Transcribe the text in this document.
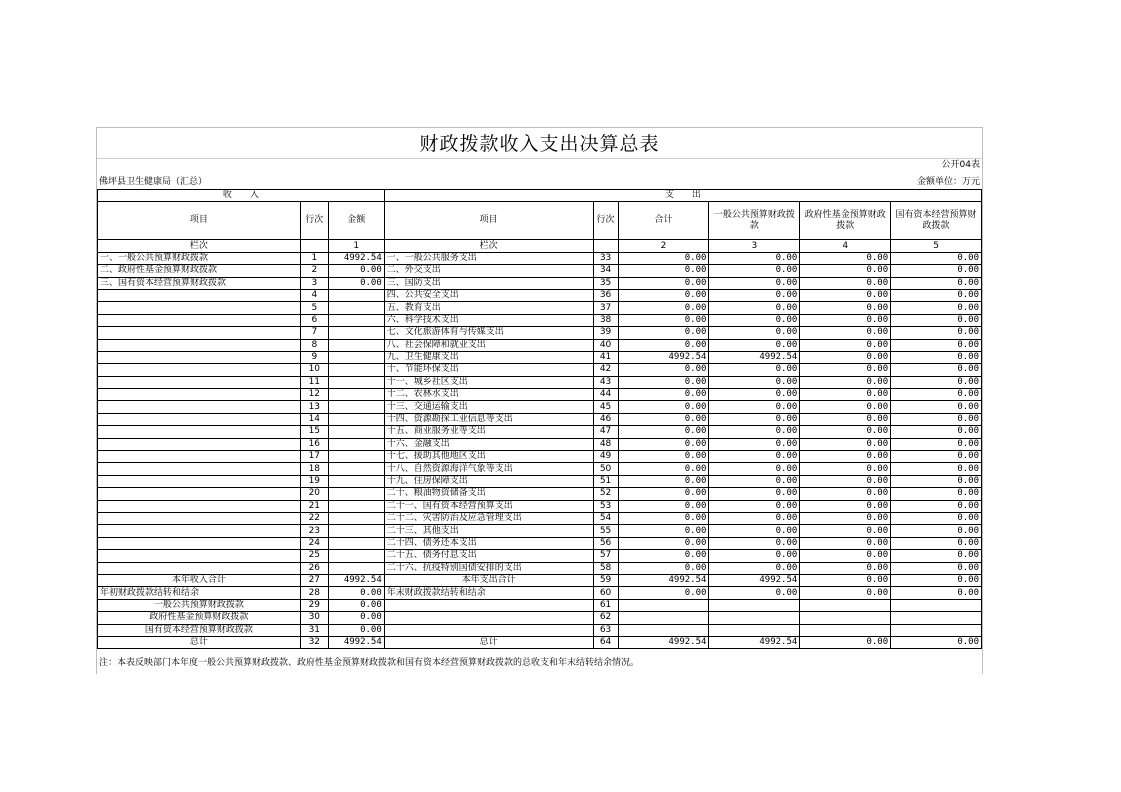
财政拨款收入支出决算总表
公开04表
佛坪县卫生健康局（汇总）	金额单位：万元
收　　入			支　　出					
项目	行次	金额	项目	行次	合计	一般公共预算财政拨款	政府性基金预算财政拨款	国有资本经营预算财政拨款
栏次		1	栏次		2	3	4	5
一、一般公共预算财政拨款	1	4992.54	一、一般公共服务支出	33	0.00	0.00	0.00	0.00
二、政府性基金预算财政拨款	2	0.00	二、外交支出	34	0.00	0.00	0.00	0.00
三、国有资本经营预算财政拨款	3	0.00	三、国防支出	35	0.00	0.00	0.00	0.00
	4		四、公共安全支出	36	0.00	0.00	0.00	0.00
	5		五、教育支出	37	0.00	0.00	0.00	0.00
	6		六、科学技术支出	38	0.00	0.00	0.00	0.00
	7		七、文化旅游体育与传媒支出	39	0.00	0.00	0.00	0.00
	8		八、社会保障和就业支出	40	0.00	0.00	0.00	0.00
	9		九、卫生健康支出	41	4992.54	4992.54	0.00	0.00
	10		十、节能环保支出	42	0.00	0.00	0.00	0.00
	11		十一、城乡社区支出	43	0.00	0.00	0.00	0.00
	12		十二、农林水支出	44	0.00	0.00	0.00	0.00
	13		十三、交通运输支出	45	0.00	0.00	0.00	0.00
	14		十四、资源勘探工业信息等支出	46	0.00	0.00	0.00	0.00
	15		十五、商业服务业等支出	47	0.00	0.00	0.00	0.00
	16		十六、金融支出	48	0.00	0.00	0.00	0.00
	17		十七、援助其他地区支出	49	0.00	0.00	0.00	0.00
	18		十八、自然资源海洋气象等支出	50	0.00	0.00	0.00	0.00
	19		十九、住房保障支出	51	0.00	0.00	0.00	0.00
	20		二十、粮油物资储备支出	52	0.00	0.00	0.00	0.00
	21		二十一、国有资本经营预算支出	53	0.00	0.00	0.00	0.00
	22		二十二、灾害防治及应急管理支出	54	0.00	0.00	0.00	0.00
	23		二十三、其他支出	55	0.00	0.00	0.00	0.00
	24		二十四、债务还本支出	56	0.00	0.00	0.00	0.00
	25		二十五、债务付息支出	57	0.00	0.00	0.00	0.00
	26		二十六、抗疫特别国债安排的支出	58	0.00	0.00	0.00	0.00
本年收入合计	27	4992.54	本年支出合计	59	4992.54	4992.54	0.00	0.00
年初财政拨款结转和结余	28	0.00	年末财政拨款结转和结余	60	0.00	0.00	0.00	0.00
一般公共预算财政拨款	29	0.00		61				
政府性基金预算财政拨款	30	0.00		62				
国有资本经营预算财政拨款	31	0.00		63				
总计	32	4992.54	总计	64	4992.54	4992.54	0.00	0.00
注：本表反映部门本年度一般公共预算财政拨款、政府性基金预算财政拨款和国有资本经营预算财政拨款的总收支和年末结转结余情况。
